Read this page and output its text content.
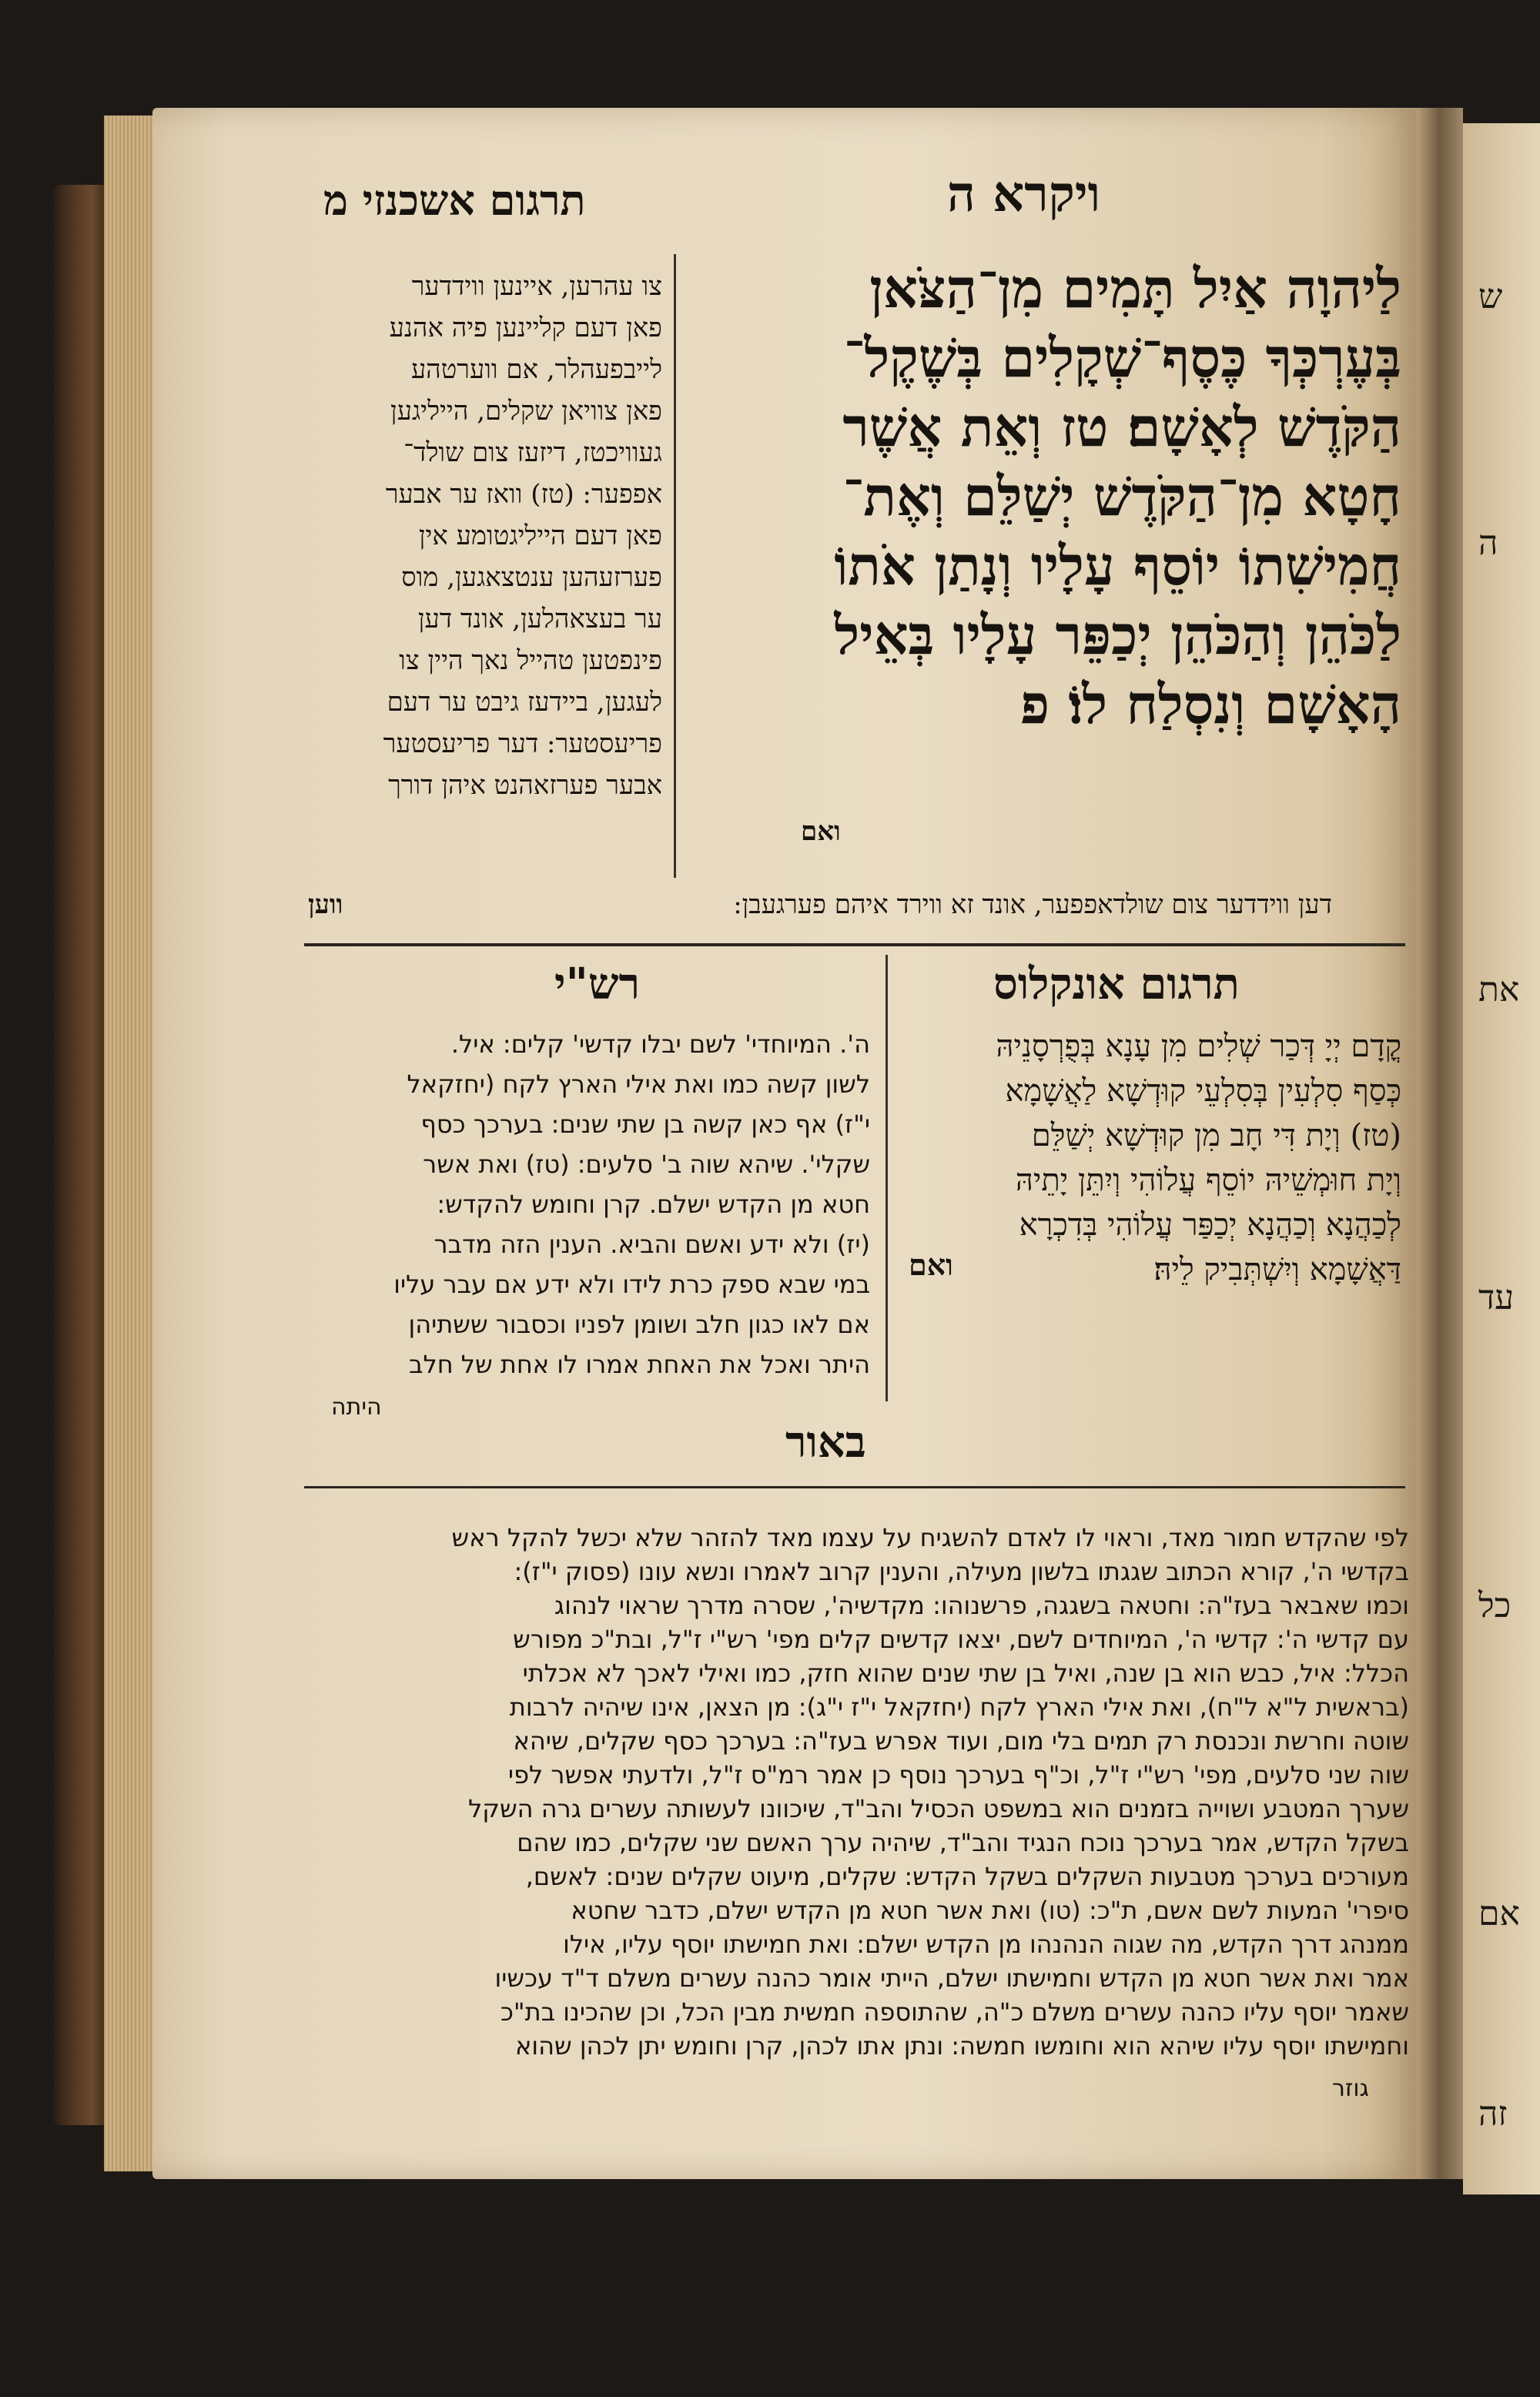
ש
ה
את
עד
כל
אם
זה
ויקרא ה
תרגום אשכנזי מ
לַיהוָה אַיִל תָּמִים מִן־הַצֹּאן
בְּעֶרְכְּךָ כֶּסֶף־שְׁקָלִים בְּשֶׁקֶל־
הַקֹּדֶשׁ לְאָשָׁם׃ טז וְאֵת אֲשֶׁר
חָטָא מִן־הַקֹּדֶשׁ יְשַׁלֵּם וְאֶת־
חֲמִישִׁתוֹ יוֹסֵף עָלָיו וְנָתַן אֹתוֹ
לַכֹּהֵן וְהַכֹּהֵן יְכַפֵּר עָלָיו בְּאֵיל
הָאָשָׁם וְנִסְלַח לוֹ׃ פ
ואם
צו עהרען, איינען ווידדער
פאן דעם קליינען פיה אהנע
לייבפעהלר, אם ווערטהע
פאן צוויאן שקלים, הייליגען
געוויכטז, דיזעז צום שולד־
אפפער: (טז) וואז ער אבער
פאן דעם הייליגטומע אין
פערזעהען ענטצאגען, מוס
ער בעצאהלען, אונד דען
פינפטען טהייל נאך היין צו
לעגען, ביידעז גיבט ער דעם
פריעסטער: דער פריעסטער
אבער פערזאהנט איהן דורך
ווען	דען ווידדער צום שולדאפפער, אונד זא ווירד איהם פערגעבן:
תרגום אונקלוס
קֳדָם יְיָ דְּכַר שְׁלִים מִן עָנָא בְּפֻרְסָנֵיהּ
כְּסַף סִלְעִין בְּסִלְעֵי קוּדְשָׁא לַאֲשָׁמָא
(טז) וְיָת דִּי חָב מִן קוּדְשָׁא יְשַׁלֵּם
וְיָת חוּמְשֵׁיהּ יוֹסֵף עֲלוֹהִי וְיִתֵּן יָתֵיהּ
לְכַהֲנָא וְכַהֲנָא יְכַפַּר עֲלוֹהִי בְּדִכְרָא
דַּאֲשָׁמָא וְיִשְׁתְּבִיק לֵיהּ׃
ואם
רש"י
ה'. המיוחדי' לשם יבלו קדשי' קלים: איל.
לשון קשה כמו ואת אילי הארץ לקח (יחזקאל
י"ז) אף כאן קשה בן שתי שנים: בערכך כסף
שקלי'. שיהא שוה ב' סלעים: (טז) ואת אשר
חטא מן הקדש ישלם. קרן וחומש להקדש:
(יז) ולא ידע ואשם והביא. הענין הזה מדבר
במי שבא ספק כרת לידו ולא ידע אם עבר עליו
אם לאו כגון חלב ושומן לפניו וכסבור ששתיהן
היתר ואכל את האחת אמרו לו אחת של חלב
היתה
באור
לפי שהקדש חמור מאד, וראוי לו לאדם להשגיח על עצמו מאד להזהר שלא יכשל להקל ראש
בקדשי ה', קורא הכתוב שגגתו בלשון מעילה, והענין קרוב לאמרו ונשא עונו (פסוק י"ז):
וכמו שאבאר בעז"ה: וחטאה בשגגה, פרשנוהו: מקדשיה', שסרה מדרך שראוי לנהוג
עם קדשי ה': קדשי ה', המיוחדים לשם, יצאו קדשים קלים מפי' רש"י ז"ל, ובת"כ מפורש
הכלל: איל, כבש הוא בן שנה, ואיל בן שתי שנים שהוא חזק, כמו ואילי לאכך לא אכלתי
(בראשית ל"א ל"ח), ואת אילי הארץ לקח (יחזקאל י"ז י"ג): מן הצאן, אינו שיהיה לרבות
שוטה וחרשת ונכנסת רק תמים בלי מום, ועוד אפרש בעז"ה: בערכך כסף שקלים, שיהא
שוה שני סלעים, מפי' רש"י ז"ל, וכ"ף בערכך נוסף כן אמר רמ"ס ז"ל, ולדעתי אפשר לפי
שערך המטבע ושוייה בזמנים הוא במשפט הכסיל והב"ד, שיכוונו לעשותה עשרים גרה השקל
בשקל הקדש, אמר בערכך נוכח הנגיד והב"ד, שיהיה ערך האשם שני שקלים, כמו שהם
מעורכים בערכך מטבעות השקלים בשקל הקדש: שקלים, מיעוט שקלים שנים: לאשם,
סיפרי' המעות לשם אשם, ת"כ: (טו) ואת אשר חטא מן הקדש ישלם, כדבר שחטא
ממנהג דרך הקדש, מה שגוה הנהנהו מן הקדש ישלם: ואת חמישתו יוסף עליו, אילו
אמר ואת אשר חטא מן הקדש וחמישתו ישלם, הייתי אומר כהנה עשרים משלם ד"ד עכשיו
שאמר יוסף עליו כהנה עשרים משלם כ"ה, שהתוספה חמשית מבין הכל, וכן שהכינו בת"כ
וחמישתו יוסף עליו שיהא הוא וחומשו חמשה: ונתן אתו לכהן, קרן וחומש יתן לכהן שהוא
גוזר
